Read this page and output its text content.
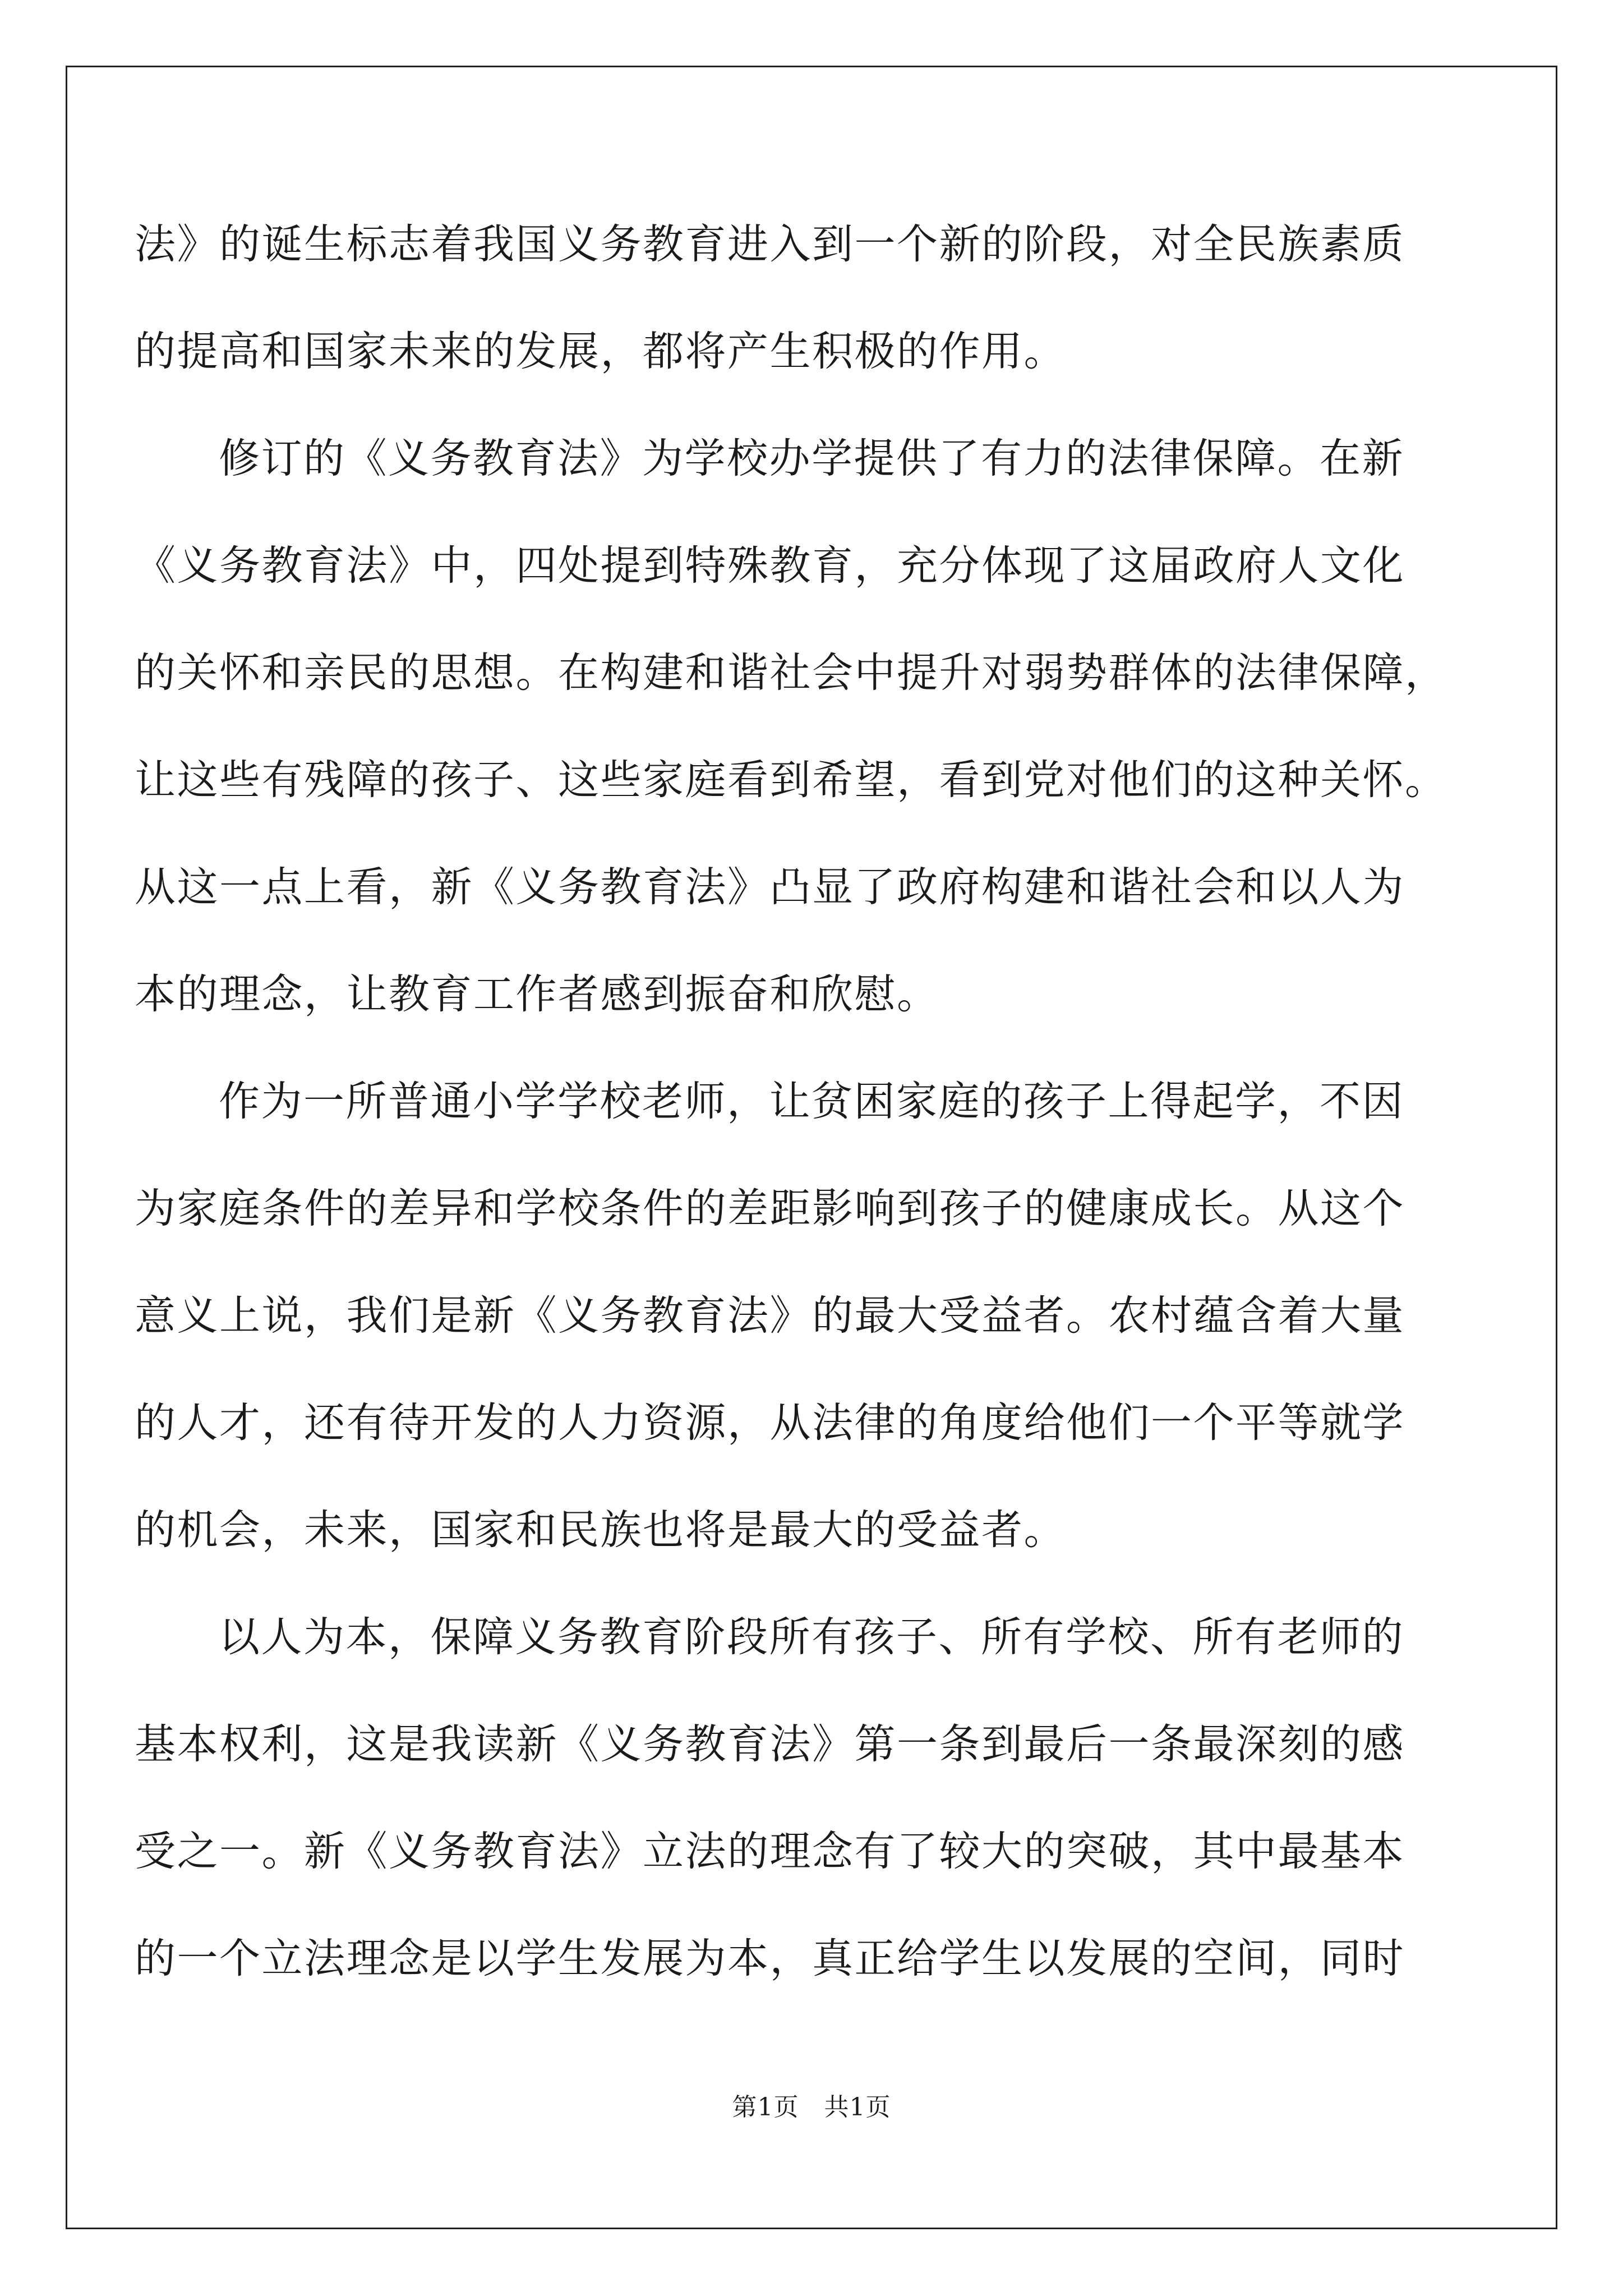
法》的诞生标志着我国义务教育进入到一个新的阶段，对全民族素质
的提高和国家未来的发展，都将产生积极的作用。
修订的《义务教育法》为学校办学提供了有力的法律保障。在新
《义务教育法》中，四处提到特殊教育，充分体现了这届政府人文化
的关怀和亲民的思想。在构建和谐社会中提升对弱势群体的法律保障，
让这些有残障的孩子、这些家庭看到希望，看到党对他们的这种关怀。
从这一点上看，新《义务教育法》凸显了政府构建和谐社会和以人为
本的理念，让教育工作者感到振奋和欣慰。
作为一所普通小学学校老师，让贫困家庭的孩子上得起学，不因
为家庭条件的差异和学校条件的差距影响到孩子的健康成长。从这个
意义上说，我们是新《义务教育法》的最大受益者。农村蕴含着大量
的人才，还有待开发的人力资源，从法律的角度给他们一个平等就学
的机会，未来，国家和民族也将是最大的受益者。
以人为本，保障义务教育阶段所有孩子、所有学校、所有老师的
基本权利，这是我读新《义务教育法》第一条到最后一条最深刻的感
受之一。新《义务教育法》立法的理念有了较大的突破，其中最基本
的一个立法理念是以学生发展为本，真正给学生以发展的空间，同时
第1页　共1页
